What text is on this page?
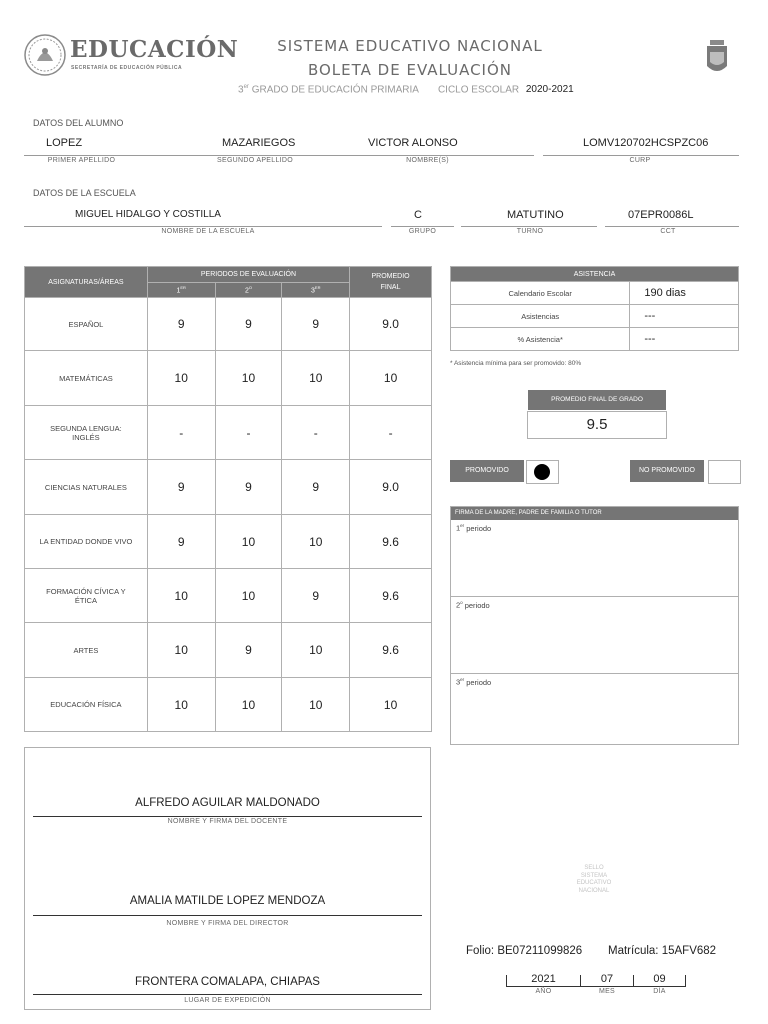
EDUCACIÓN
SECRETARÍA DE EDUCACIÓN PÚBLICA
SISTEMA EDUCATIVO NACIONAL
BOLETA DE EVALUACIÓN
3er GRADO DE EDUCACIÓN PRIMARIA CICLO ESCOLAR 2020-2021
DATOS DEL ALUMNO
LOPEZ	MAZARIEGOS	VICTOR ALONSO	LOMV120702HCSPZC06
PRIMER APELLIDO	SEGUNDO APELLIDO	NOMBRE(S)	CURP
DATOS DE LA ESCUELA
MIGUEL HIDALGO Y COSTILLA	C	MATUTINO	07EPR0086L
NOMBRE DE LA ESCUELA	GRUPO	TURNO	CCT
ASIGNATURAS/ÁREAS	PERIODOS DE EVALUACIÓN			PROMEDIO
FINAL
	1ER	$2^O$	3ER
ESPAÑOL	9	9	9	9.0
MATEMÁTICAS	10	10	10	10
SEGUNDA LENGUA: INGLÉS	-	-	-	-
CIENCIAS NATURALES	9	9	9	9.0
LA ENTIDAD DONDE VIVO	9	10	10	9.6
FORMACIÓN CÍVICA Y ÉTICA	10	10	9	9.6
ARTES	10	9	10	9.6
EDUCACIÓN FÍSICA	10	10	10	10
ASISTENCIA	
Calendario Escolar	190 dias
Asistencias	---
% Asistencia*	---
* Asistencia mínima para ser promovido: 80%
PROMEDIO FINAL DE GRADO
9.5
PROMOVIDO	NO PROMOVIDO
FIRMA DE LA MADRE, PADRE DE FAMILIA O TUTOR
1er periodo
2$^o$ periodo
3er periodo
ALFREDO AGUILAR MALDONADO
NOMBRE Y FIRMA DEL DOCENTE
AMALIA MATILDE LOPEZ MENDOZA
NOMBRE Y FIRMA DEL DIRECTOR
FRONTERA COMALAPA, CHIAPAS
LUGAR DE EXPEDICIÓN
SELLO
SISTEMA
EDUCATIVO
NACIONAL
Folio: BE07211099826 Matrícula: 15AFV682
2021	07	09
AÑO	MES	DÍA
